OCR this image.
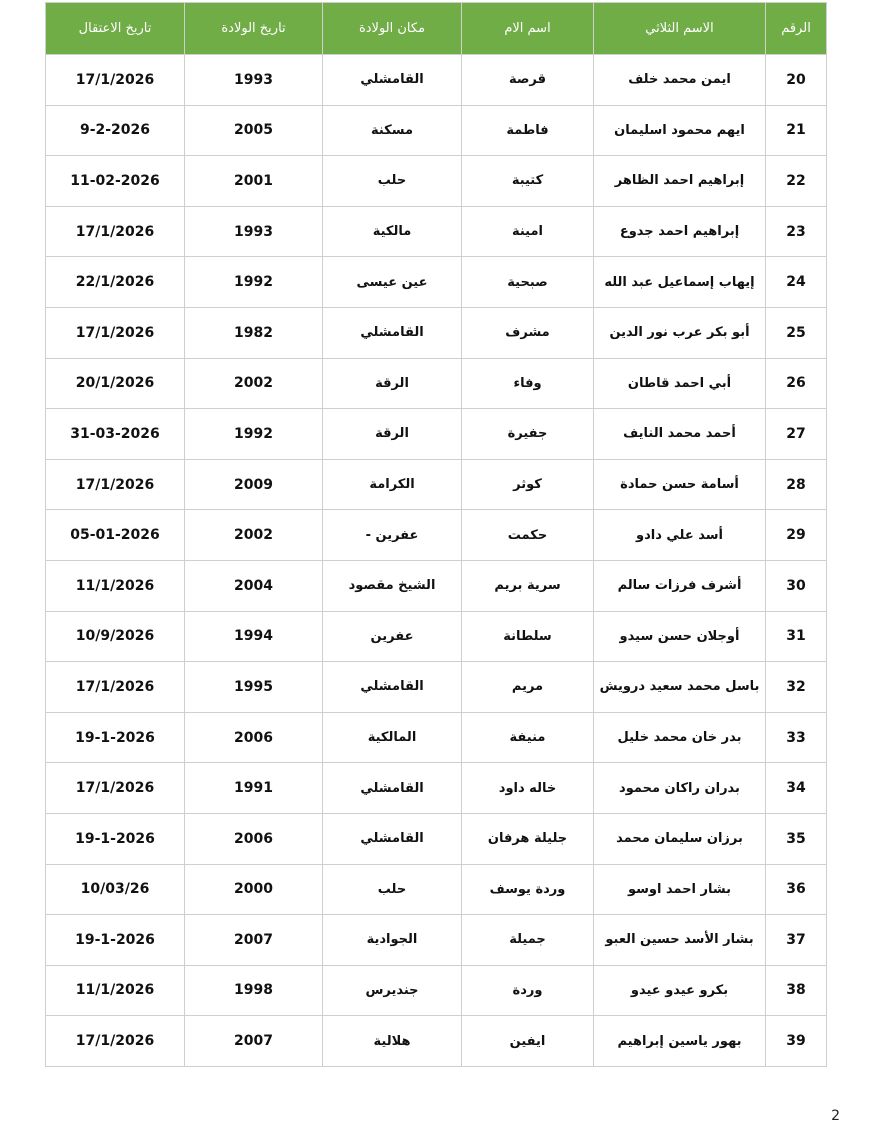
الرقم	الاسم الثلاثي	اسم الام	مكان الولادة	تاريخ الولادة	تاريخ الاعتقال
20	ايمن محمد خلف	قرصة	القامشلي	1993	17/1/2026
21	ايهم محمود اسليمان	فاطمة	مسكنة	2005	9-2-2026
22	إبراهيم احمد الظاهر	كتيبة	حلب	2001	11-02-2026
23	إبراهيم احمد جدوع	امينة	مالكية	1993	17/1/2026
24	إيهاب إسماعيل عبد الله	صبحية	عين عيسى	1992	22/1/2026
25	أبو بكر عرب نور الدين	مشرف	القامشلي	1982	17/1/2026
26	أبي احمد قاطان	وفاء	الرقة	2002	20/1/2026
27	أحمد محمد النايف	جفيرة	الرقة	1992	31-03-2026
28	أسامة حسن حمادة	كوثر	الكرامة	2009	17/1/2026
29	أسد علي دادو	حكمت	عفرين -	2002	05-01-2026
30	أشرف فرزات سالم	سرية بريم	الشيخ مقصود	2004	11/1/2026
31	أوجلان حسن سيدو	سلطانة	عفرين	1994	10/9/2026
32	باسل محمد سعيد درويش	مريم	القامشلي	1995	17/1/2026
33	بدر خان محمد خليل	منيفة	المالكية	2006	19-1-2026
34	بدران راكان محمود	خاله داود	القامشلي	1991	17/1/2026
35	برزان سليمان محمد	جليلة هرفان	القامشلي	2006	19-1-2026
36	بشار احمد اوسو	وردة يوسف	حلب	2000	10/03/26
37	بشار الأسد حسين العبو	جميلة	الجوادية	2007	19-1-2026
38	بكرو عيدو عيدو	وردة	جنديرس	1998	11/1/2026
39	بهور ياسين إبراهيم	ايفين	هلالية	2007	17/1/2026
2
